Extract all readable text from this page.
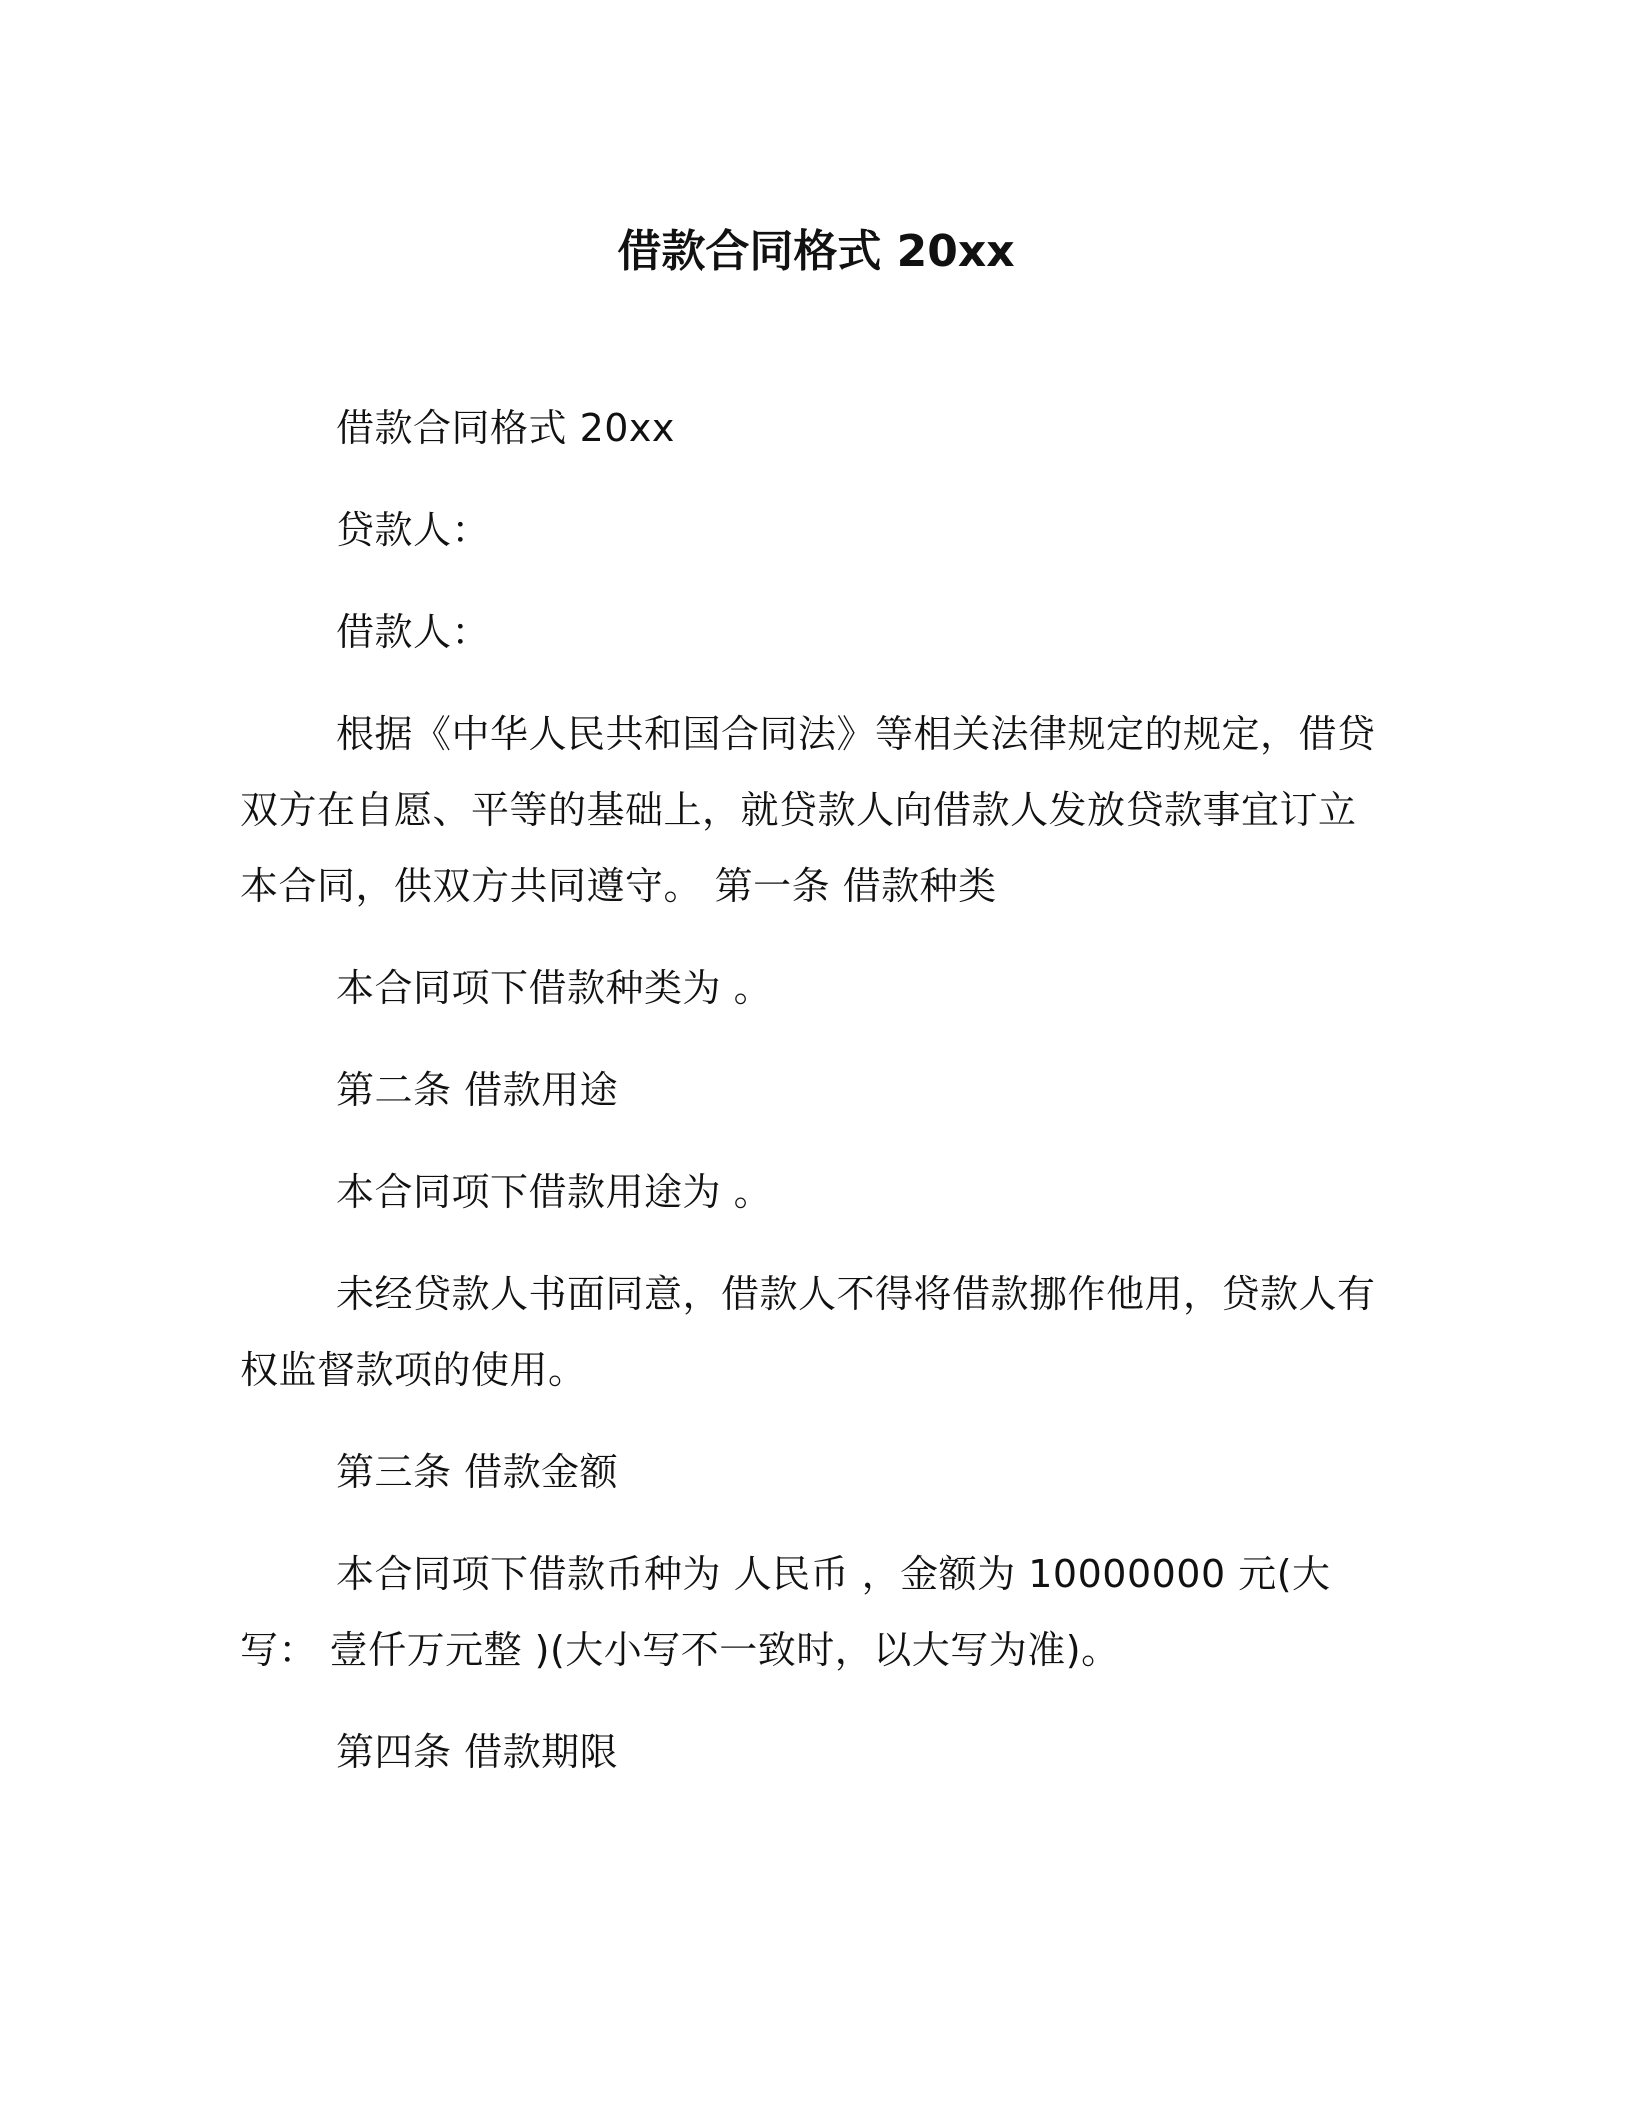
借款合同格式 20xx

借款合同格式 20xx

贷款人：

借款人：

根据《中华人民共和国合同法》等相关法律规定的规定，借贷双方在自愿、平等的基础上，就贷款人向借款人发放贷款事宜订立本合同，供双方共同遵守。 第一条 借款种类

本合同项下借款种类为 。

第二条 借款用途

本合同项下借款用途为 。

未经贷款人书面同意，借款人不得将借款挪作他用，贷款人有权监督款项的使用。

第三条 借款金额

本合同项下借款币种为 人民币 ，金额为 10000000 元(大写： 壹仟万元整 )(大小写不一致时，以大写为准)。

第四条 借款期限
